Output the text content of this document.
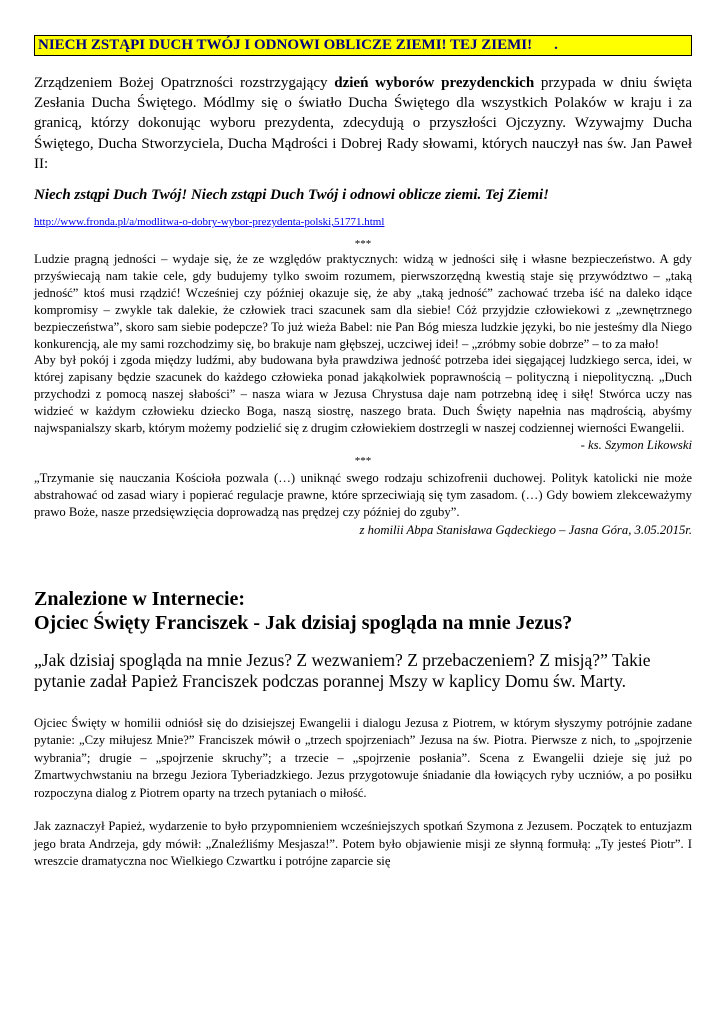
NIECH ZSTĄPI DUCH TWÓJ I ODNOWI OBLICZE ZIEMI! TEJ ZIEMI! .

Zrządzeniem Bożej Opatrzności rozstrzygający dzień wyborów prezydenckich przypada w dniu święta Zesłania Ducha Świętego. Módlmy się o światło Ducha Świętego dla wszystkich Polaków w kraju i za granicą, którzy dokonując wyboru prezydenta, zdecydują o przyszłości Ojczyzny. Wzywajmy Ducha Świętego, Ducha Stworzyciela, Ducha Mądrości i Dobrej Rady słowami, których nauczył nas św. Jan Paweł II:

Niech zstąpi Duch Twój! Niech zstąpi Duch Twój i odnowi oblicze ziemi. Tej Ziemi!

http://www.fronda.pl/a/modlitwa-o-dobry-wybor-prezydenta-polski,51771.html
***
Ludzie pragną jedności – wydaje się, że ze względów praktycznych: widzą w jedności siłę i własne bezpieczeństwo. A gdy przyświecają nam takie cele, gdy budujemy tylko swoim rozumem, pierwszorzędną kwestią staje się przywództwo – „taką jedność” ktoś musi rządzić! Wcześniej czy później okazuje się, że aby „taką jedność” zachować trzeba iść na daleko idące kompromisy – zwykle tak dalekie, że człowiek traci szacunek sam dla siebie! Cóż przyjdzie człowiekowi z „zewnętrznego bezpieczeństwa”, skoro sam siebie podepcze? To już wieża Babel: nie Pan Bóg miesza ludzkie języki, bo nie jesteśmy dla Niego konkurencją, ale my sami rozchodzimy się, bo brakuje nam głębszej, uczciwej idei! – „zróbmy sobie dobrze” – to za mało!
Aby był pokój i zgoda między ludźmi, aby budowana była prawdziwa jedność potrzeba idei sięgającej ludzkiego serca, idei, w której zapisany będzie szacunek do każdego człowieka ponad jakąkolwiek poprawnością – polityczną i niepolityczną. „Duch przychodzi z pomocą naszej słabości” – nasza wiara w Jezusa Chrystusa daje nam potrzebną ideę i siłę! Stwórca uczy nas widzieć w każdym człowieku dziecko Boga, naszą siostrę, naszego brata. Duch Święty napełnia nas mądrością, abyśmy najwspanialszy skarb, którym możemy podzielić się z drugim człowiekiem dostrzegli w naszej codziennej wierności Ewangelii.
- ks. Szymon Likowski
***
„Trzymanie się nauczania Kościoła pozwala (…) uniknąć swego rodzaju schizofrenii duchowej. Polityk katolicki nie może abstrahować od zasad wiary i popierać regulacje prawne, które sprzeciwiają się tym zasadom. (…) Gdy bowiem zlekceważymy prawo Boże, nasze przedsięwzięcia doprowadzą nas prędzej czy później do zguby”.
z homilii Abpa Stanisława Gądeckiego – Jasna Góra, 3.05.2015r.
Znalezione w Internecie:
Ojciec Święty Franciszek - Jak dzisiaj spogląda na mnie Jezus?
„Jak dzisiaj spogląda na mnie Jezus? Z wezwaniem? Z przebaczeniem? Z misją?” Takie pytanie zadał Papież Franciszek podczas porannej Mszy w kaplicy Domu św. Marty.
Ojciec Święty w homilii odniósł się do dzisiejszej Ewangelii i dialogu Jezusa z Piotrem, w którym słyszymy potrójnie zadane pytanie: „Czy miłujesz Mnie?” Franciszek mówił o „trzech spojrzeniach” Jezusa na św. Piotra. Pierwsze z nich, to „spojrzenie wybrania”; drugie – „spojrzenie skruchy”; a trzecie – „spojrzenie posłania”. Scena z Ewangelii dzieje się już po Zmartwychwstaniu na brzegu Jeziora Tyberiadzkiego. Jezus przygotowuje śniadanie dla łowiących ryby uczniów, a po posiłku rozpoczyna dialog z Piotrem oparty na trzech pytaniach o miłość.
Jak zaznaczył Papież, wydarzenie to było przypomnieniem wcześniejszych spotkań Szymona z Jezusem. Początek to entuzjazm jego brata Andrzeja, gdy mówił: „Znaleźliśmy Mesjasza!”. Potem było objawienie misji ze słynną formułą: „Ty jesteś Piotr”. I wreszcie dramatyczna noc Wielkiego Czwartku i potrójne zaparcie się
